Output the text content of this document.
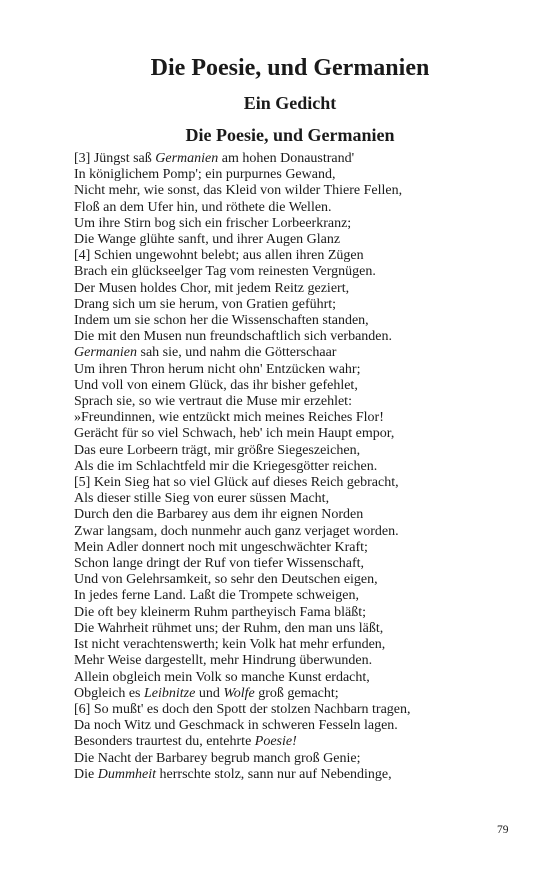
Die Poesie, und Germanien
Ein Gedicht
Die Poesie, und Germanien
[3] Jüngst saß Germanien am hohen Donaustrand'
In königlichem Pomp'; ein purpurnes Gewand,
Nicht mehr, wie sonst, das Kleid von wilder Thiere Fellen,
Floß an dem Ufer hin, und röthete die Wellen.
Um ihre Stirn bog sich ein frischer Lorbeerkranz;
Die Wange glühte sanft, und ihrer Augen Glanz
[4] Schien ungewohnt belebt; aus allen ihren Zügen
Brach ein glückseelger Tag vom reinesten Vergnügen.
Der Musen holdes Chor, mit jedem Reitz geziert,
Drang sich um sie herum, von Gratien geführt;
Indem um sie schon her die Wissenschaften standen,
Die mit den Musen nun freundschaftlich sich verbanden.
Germanien sah sie, und nahm die Götterschaar
Um ihren Thron herum nicht ohn' Entzücken wahr;
Und voll von einem Glück, das ihr bisher gefehlet,
Sprach sie, so wie vertraut die Muse mir erzehlet:
»Freundinnen, wie entzückt mich meines Reiches Flor!
Gerächt für so viel Schwach, heb' ich mein Haupt empor,
Das eure Lorbeern trägt, mir größre Siegeszeichen,
Als die im Schlachtfeld mir die Kriegesgötter reichen.
[5] Kein Sieg hat so viel Glück auf dieses Reich gebracht,
Als dieser stille Sieg von eurer süssen Macht,
Durch den die Barbarey aus dem ihr eignen Norden
Zwar langsam, doch nunmehr auch ganz verjaget worden.
Mein Adler donnert noch mit ungeschwächter Kraft;
Schon lange dringt der Ruf von tiefer Wissenschaft,
Und von Gelehrsamkeit, so sehr den Deutschen eigen,
In jedes ferne Land. Laßt die Trompete schweigen,
Die oft bey kleinerm Ruhm partheyisch Fama bläßt;
Die Wahrheit rühmet uns; der Ruhm, den man uns läßt,
Ist nicht verachtenswerth; kein Volk hat mehr erfunden,
Mehr Weise dargestellt, mehr Hindrung überwunden.
Allein obgleich mein Volk so manche Kunst erdacht,
Obgleich es Leibnitze und Wolfe groß gemacht;
[6] So mußt' es doch den Spott der stolzen Nachbarn tragen,
Da noch Witz und Geschmack in schweren Fesseln lagen.
Besonders traurtest du, entehrte Poesie!
Die Nacht der Barbarey begrub manch groß Genie;
Die Dummheit herrschte stolz, sann nur auf Nebendinge,
79
